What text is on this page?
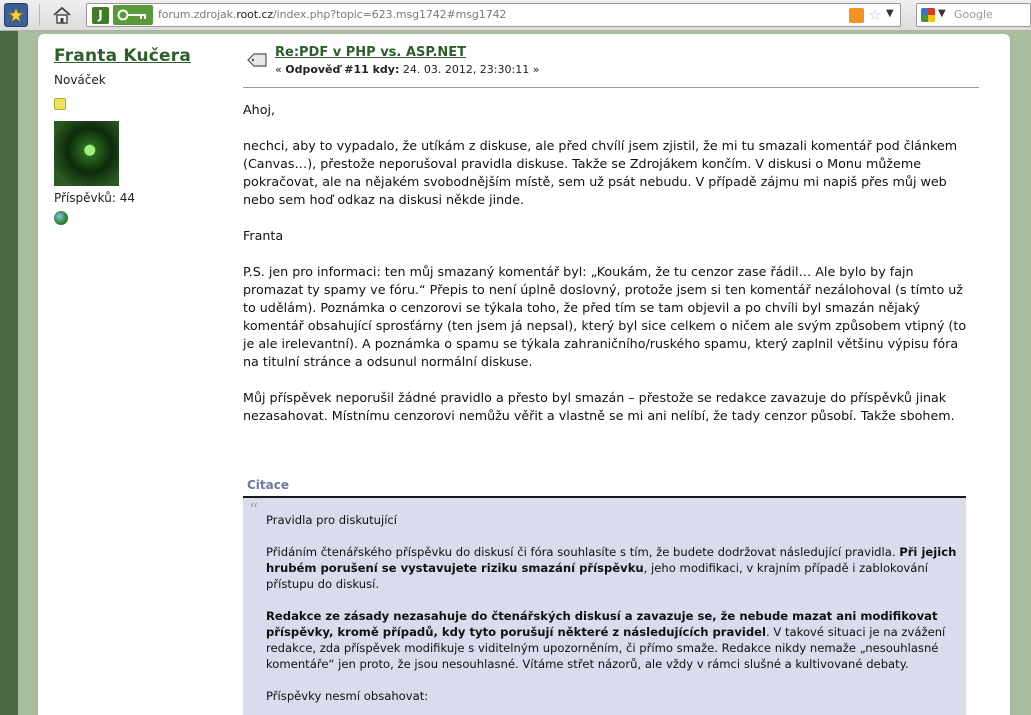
J	forum.zdrojak.root.cz/index.php?topic=623.msg1742#msg1742	☆ ▼	▼ Google
Franta Kučera
Nováček
Příspěvků: 44
Re:PDF v PHP vs. ASP.NET
« Odpověď #11 kdy: 24. 03. 2012, 23:30:11 »

Ahoj,

nechci, aby to vypadalo, že utíkám z diskuse, ale před chvílí jsem zjistil, že mi tu smazali komentář pod článkem (Canvas…), přestože neporušoval pravidla diskuse. Takže se Zdrojákem končím. V diskusi o Monu můžeme pokračovat, ale na nějakém svobodnějším místě, sem už psát nebudu. V případě zájmu mi napiš přes můj web nebo sem hoď odkaz na diskusi někde jinde.

Franta

P.S. jen pro informaci: ten můj smazaný komentář byl: „Koukám, že tu cenzor zase řádil… Ale bylo by fajn promazat ty spamy ve fóru.“ Přepis to není úplně doslovný, protože jsem si ten komentář nezálohoval (s tímto už to udělám). Poznámka o cenzorovi se týkala toho, že před tím se tam objevil a po chvíli byl smazán nějaký komentář obsahující sprosťárny (ten jsem já nepsal), který byl sice celkem o ničem ale svým způsobem vtipný (to je ale irelevantní). A poznámka o spamu se týkala zahraničního/ruského spamu, který zaplnil většinu výpisu fóra na titulní stránce a odsunul normální diskuse.

Můj příspěvek neporušil žádné pravidlo a přesto byl smazán – přestože se redakce zavazuje do příspěvků jinak nezasahovat. Místnímu cenzorovi nemůžu věřit a vlastně se mi ani nelíbí, že tady cenzor působí. Takže sbohem.

Citace
“ Pravidla pro diskutující

Přidáním čtenářského příspěvku do diskusí či fóra souhlasíte s tím, že budete dodržovat následující pravidla. Při jejich hrubém porušení se vystavujete riziku smazání příspěvku, jeho modifikaci, v krajním případě i zablokování přístupu do diskusí.

Redakce ze zásady nezasahuje do čtenářských diskusí a zavazuje se, že nebude mazat ani modifikovat příspěvky, kromě případů, kdy tyto porušují některé z následujících pravidel. V takové situaci je na zvážení redakce, zda příspěvek modifikuje s viditelným upozorněním, či přímo smaže. Redakce nikdy nemaže „nesouhlasné komentáře“ jen proto, že jsou nesouhlasné. Vítáme střet názorů, ale vždy v rámci slušné a kultivované debaty.

Příspěvky nesmí obsahovat:
